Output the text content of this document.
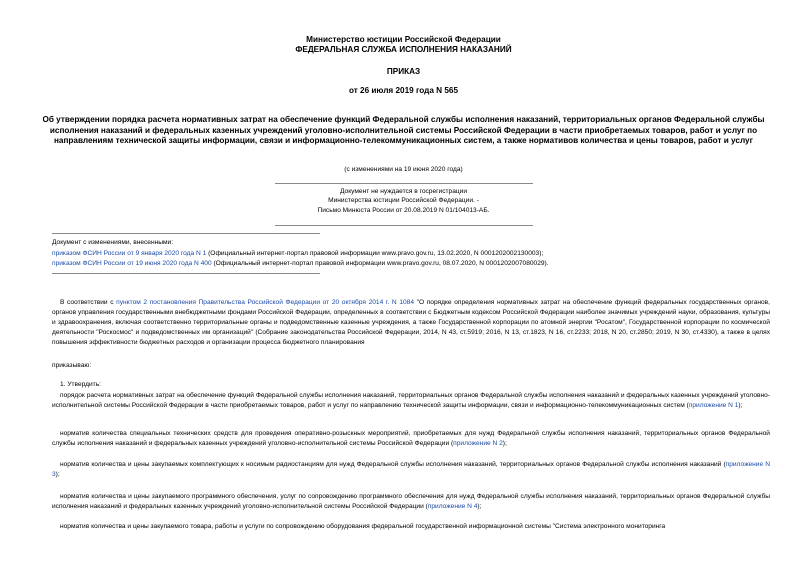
Министерство юстиции Российской Федерации
ФЕДЕРАЛЬНАЯ СЛУЖБА ИСПОЛНЕНИЯ НАКАЗАНИЙ
ПРИКАЗ
от 26 июля 2019 года N 565
Об утверждении порядка расчета нормативных затрат на обеспечение функций Федеральной службы исполнения наказаний, территориальных органов Федеральной службы исполнения наказаний и федеральных казенных учреждений уголовно-исполнительной системы Российской Федерации в части приобретаемых товаров, работ и услуг по направлениям технической защиты информации, связи и информационно-телекоммуникационных систем, а также нормативов количества и цены товаров, работ и услуг
(с изменениями на 19 июня 2020 года)
Документ не нуждается в госрегистрации
Министерства юстиции Российской Федерации. -
Письмо Минюста России от 20.08.2019 N 01/104013-АБ.
Документ с изменениями, внесенными:
приказом ФСИН России от 9 января 2020 года N 1 (Официальный интернет-портал правовой информации www.pravo.gov.ru, 13.02.2020, N 0001202002130003);
приказом ФСИН России от 19 июня 2020 года N 400 (Официальный интернет-портал правовой информации www.pravo.gov.ru, 08.07.2020, N 0001202007080029).
В соответствии с пунктом 2 постановления Правительства Российской Федерации от 20 октября 2014 г. N 1084 "О порядке определения нормативных затрат на обеспечение функций федеральных государственных органов, органов управления государственными внебюджетными фондами Российской Федерации, определенных в соответствии с Бюджетным кодексом Российской Федерации наиболее значимых учреждений науки, образования, культуры и здравоохранения, включая соответственно территориальные органы и подведомственные казенные учреждения, а также Государственной корпорации по атомной энергии "Росатом", Государственной корпорации по космической деятельности "Роскосмос" и подведомственных им организаций" (Собрание законодательства Российской Федерации, 2014, N 43, ст.5919; 2016, N 13, ст.1823, N 16, ст.2233; 2018, N 20, ст.2850; 2019, N 30, ст.4330), а также в целях повышения эффективности бюджетных расходов и организации процесса бюджетного планирования
приказываю:
1. Утвердить:
порядок расчета нормативных затрат на обеспечение функций Федеральной службы исполнения наказаний, территориальных органов Федеральной службы исполнения наказаний и федеральных казенных учреждений уголовно-исполнительной системы Российской Федерации в части приобретаемых товаров, работ и услуг по направлению технической защиты информации, связи и информационно-телекоммуникационных систем (приложение N 1);
норматив количества специальных технических средств для проведения оперативно-розыскных мероприятий, приобретаемых для нужд Федеральной службы исполнения наказаний, территориальных органов Федеральной службы исполнения наказаний и федеральных казенных учреждений уголовно-исполнительной системы Российской Федерации (приложение N 2);
норматив количества и цены закупаемых комплектующих к носимым радиостанциям для нужд Федеральной службы исполнения наказаний, территориальных органов Федеральной службы исполнения наказаний (приложение N 3);
норматив количества и цены закупаемого программного обеспечения, услуг по сопровождению программного обеспечения для нужд Федеральной службы исполнения наказаний, территориальных органов Федеральной службы исполнения наказаний и федеральных казенных учреждений уголовно-исполнительной системы Российской Федерации (приложение N 4);
норматив количества и цены закупаемого товара, работы и услуги по сопровождению оборудования федеральной государственной информационной системы "Система электронного мониторинга
